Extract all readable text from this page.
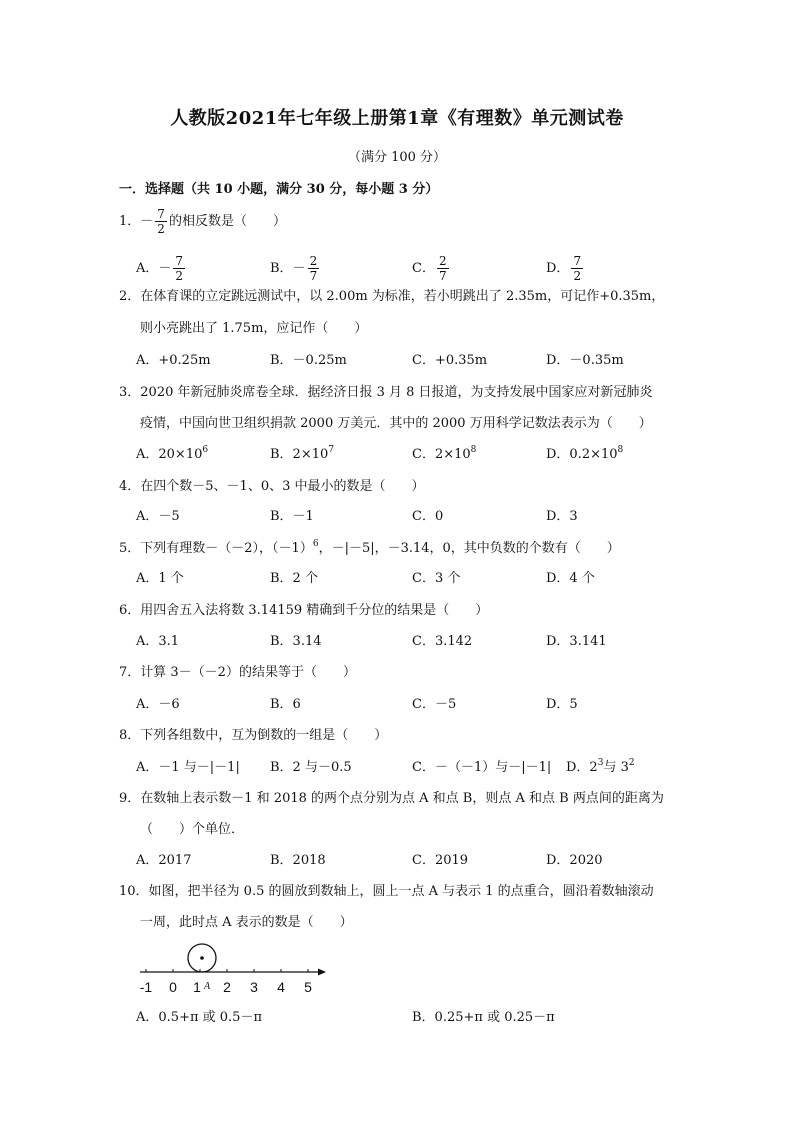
人教版2021年七年级上册第1章《有理数》单元测试卷
（满分 100 分）
一．选择题（共 10 小题，满分 30 分，每小题 3 分）
1．－ $\frac{7}{2}$ 的相反数是（　　）
A．－ $\frac{7}{2}$	B．－ $\frac{2}{7}$	C． $\frac{2}{7}$	D． $\frac{7}{2}$
2．在体育课的立定跳远测试中，以 2.00m 为标准，若小明跳出了 2.35m，可记作+0.35m，
则小亮跳出了 1.75m，应记作（　　）
A．+0.25m	B．－0.25m	C．+0.35m	D．－0.35m
3．2020 年新冠肺炎席卷全球．据经济日报 3 月 8 日报道，为支持发展中国家应对新冠肺炎
疫情，中国向世卫组织捐款 2000 万美元．其中的 2000 万用科学记数法表示为（　　）
A．$20\times 10^6$	B．$2\times 10^7$	C．$2\times 10^8$	D．$0.2\times 10^8$
4．在四个数－5、－1、0、3 中最小的数是（　　）
A．－5	B．－1	C．0	D．3
5．下列有理数－（－2），$(-1)^6$，－|－5|，－3.14，0，其中负数的个数有（　　）
A．1 个	B．2 个	C．3 个	D．4 个
6．用四舍五入法将数 3.14159 精确到千分位的结果是（　　）
A．3.1	B．3.14	C．3.142	D．3.141
7．计算 3－（－2）的结果等于（　　）
A．－6	B．6	C．－5	D．5
8．下列各组数中，互为倒数的一组是（　　）
A．－1 与－|－1| B．2 与－0.5	C．－（－1）与－|－1| D．$2^3$与 $3^2$
9．在数轴上表示数－1 和 2018 的两个点分别为点 A 和点 B，则点 A 和点 B 两点间的距离为
（　　）个单位．
A．2017	B．2018	C．2019	D．2020
10．如图，把半径为 0.5 的圆放到数轴上，圆上一点 A 与表示 1 的点重合，圆沿着数轴滚动
一周，此时点 A 表示的数是（　　）
-1 0 1 2 3 4 5
A
A．0.5+π 或 0.5－π	B．0.25+π 或 0.25－π
